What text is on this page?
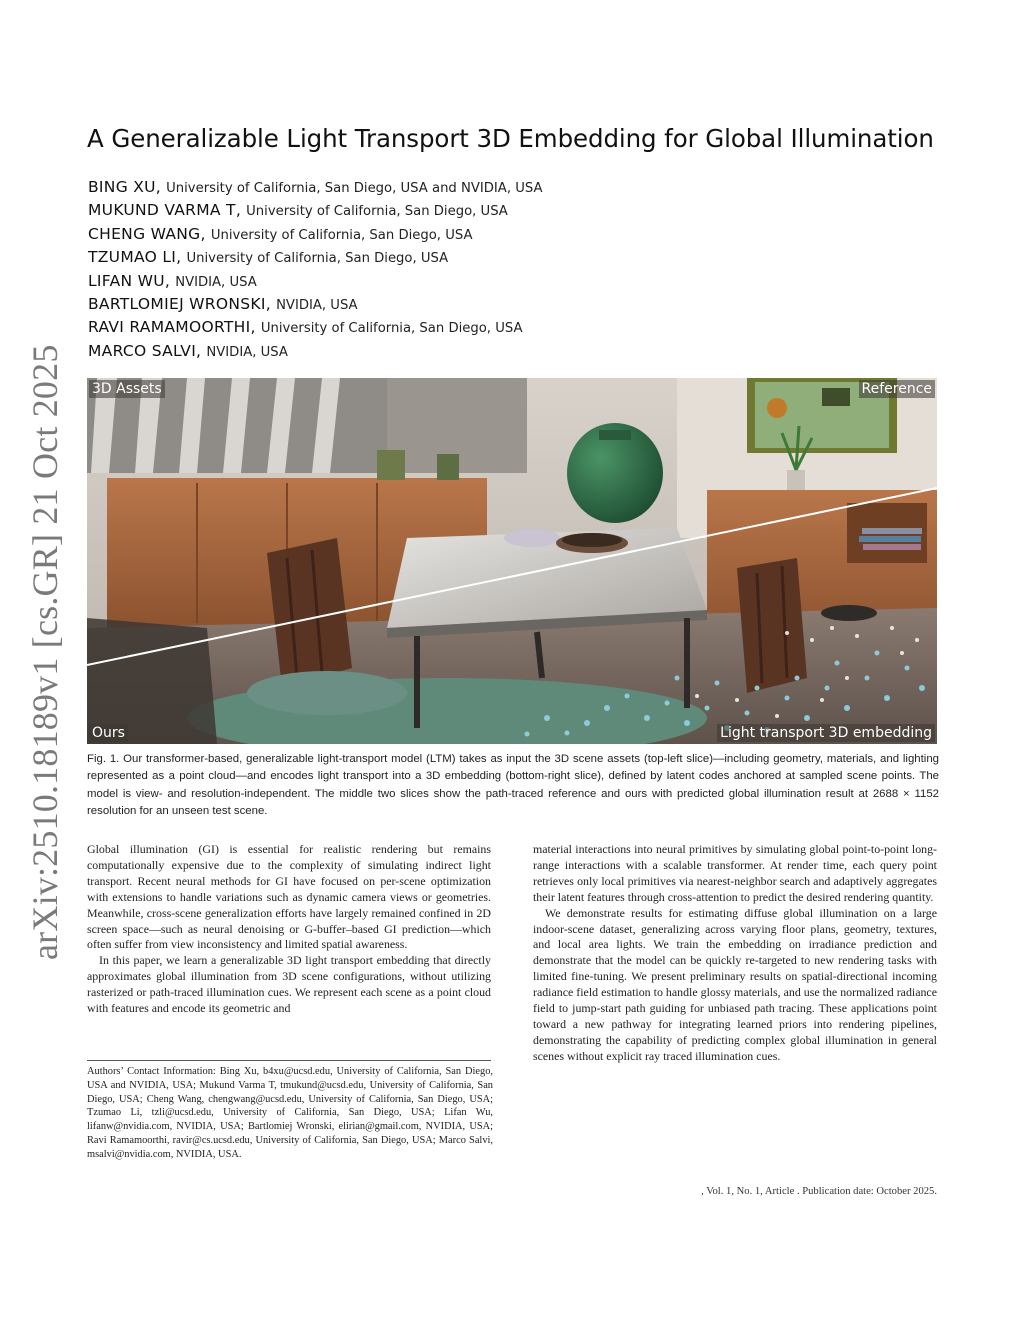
arXiv:2510.18189v1 [cs.GR] 21 Oct 2025
A Generalizable Light Transport 3D Embedding for Global Illumination
BING XU, University of California, San Diego, USA and NVIDIA, USA
MUKUND VARMA T, University of California, San Diego, USA
CHENG WANG, University of California, San Diego, USA
TZUMAO LI, University of California, San Diego, USA
LIFAN WU, NVIDIA, USA
BARTLOMIEJ WRONSKI, NVIDIA, USA
RAVI RAMAMOORTHI, University of California, San Diego, USA
MARCO SALVI, NVIDIA, USA
3D Assets	Reference
Ours	Light transport 3D embedding
Fig. 1. Our transformer-based, generalizable light-transport model (LTM) takes as input the 3D scene assets (top-left slice)—including geometry, materials, and lighting represented as a point cloud—and encodes light transport into a 3D embedding (bottom-right slice), defined by latent codes anchored at sampled scene points. The model is view- and resolution-independent. The middle two slices show the path-traced reference and ours with predicted global illumination result at 2688 × 1152 resolution for an unseen test scene.

Global illumination (GI) is essential for realistic rendering but remains computationally expensive due to the complexity of simulating indirect light transport. Recent neural methods for GI have focused on per-scene optimization with extensions to handle variations such as dynamic camera views or geometries. Meanwhile, cross-scene generalization efforts have largely remained confined in 2D screen space—such as neural denoising or G-buffer–based GI prediction—which often suffer from view inconsistency and limited spatial awareness.

In this paper, we learn a generalizable 3D light transport embedding that directly approximates global illumination from 3D scene configurations, without utilizing rasterized or path-traced illumination cues. We represent each scene as a point cloud with features and encode its geometric and

material interactions into neural primitives by simulating global point-to-point long-range interactions with a scalable transformer. At render time, each query point retrieves only local primitives via nearest-neighbor search and adaptively aggregates their latent features through cross-attention to predict the desired rendering quantity.

We demonstrate results for estimating diffuse global illumination on a large indoor-scene dataset, generalizing across varying floor plans, geometry, textures, and local area lights. We train the embedding on irradiance prediction and demonstrate that the model can be quickly re-targeted to new rendering tasks with limited fine-tuning. We present preliminary results on spatial-directional incoming radiance field estimation to handle glossy materials, and use the normalized radiance field to jump-start path guiding for unbiased path tracing. These applications point toward a new pathway for integrating learned priors into rendering pipelines, demonstrating the capability of predicting complex global illumination in general scenes without explicit ray traced illumination cues.

Authors’ Contact Information: Bing Xu, b4xu@ucsd.edu, University of California, San Diego, USA and NVIDIA, USA; Mukund Varma T, tmukund@ucsd.edu, University of California, San Diego, USA; Cheng Wang, chengwang@ucsd.edu, University of California, San Diego, USA; Tzumao Li, tzli@ucsd.edu, University of California, San Diego, USA; Lifan Wu, lifanw@nvidia.com, NVIDIA, USA; Bartlomiej Wronski, elirian@gmail.com, NVIDIA, USA; Ravi Ramamoorthi, ravir@cs.ucsd.edu, University of California, San Diego, USA; Marco Salvi, msalvi@nvidia.com, NVIDIA, USA.
, Vol. 1, No. 1, Article . Publication date: October 2025.
